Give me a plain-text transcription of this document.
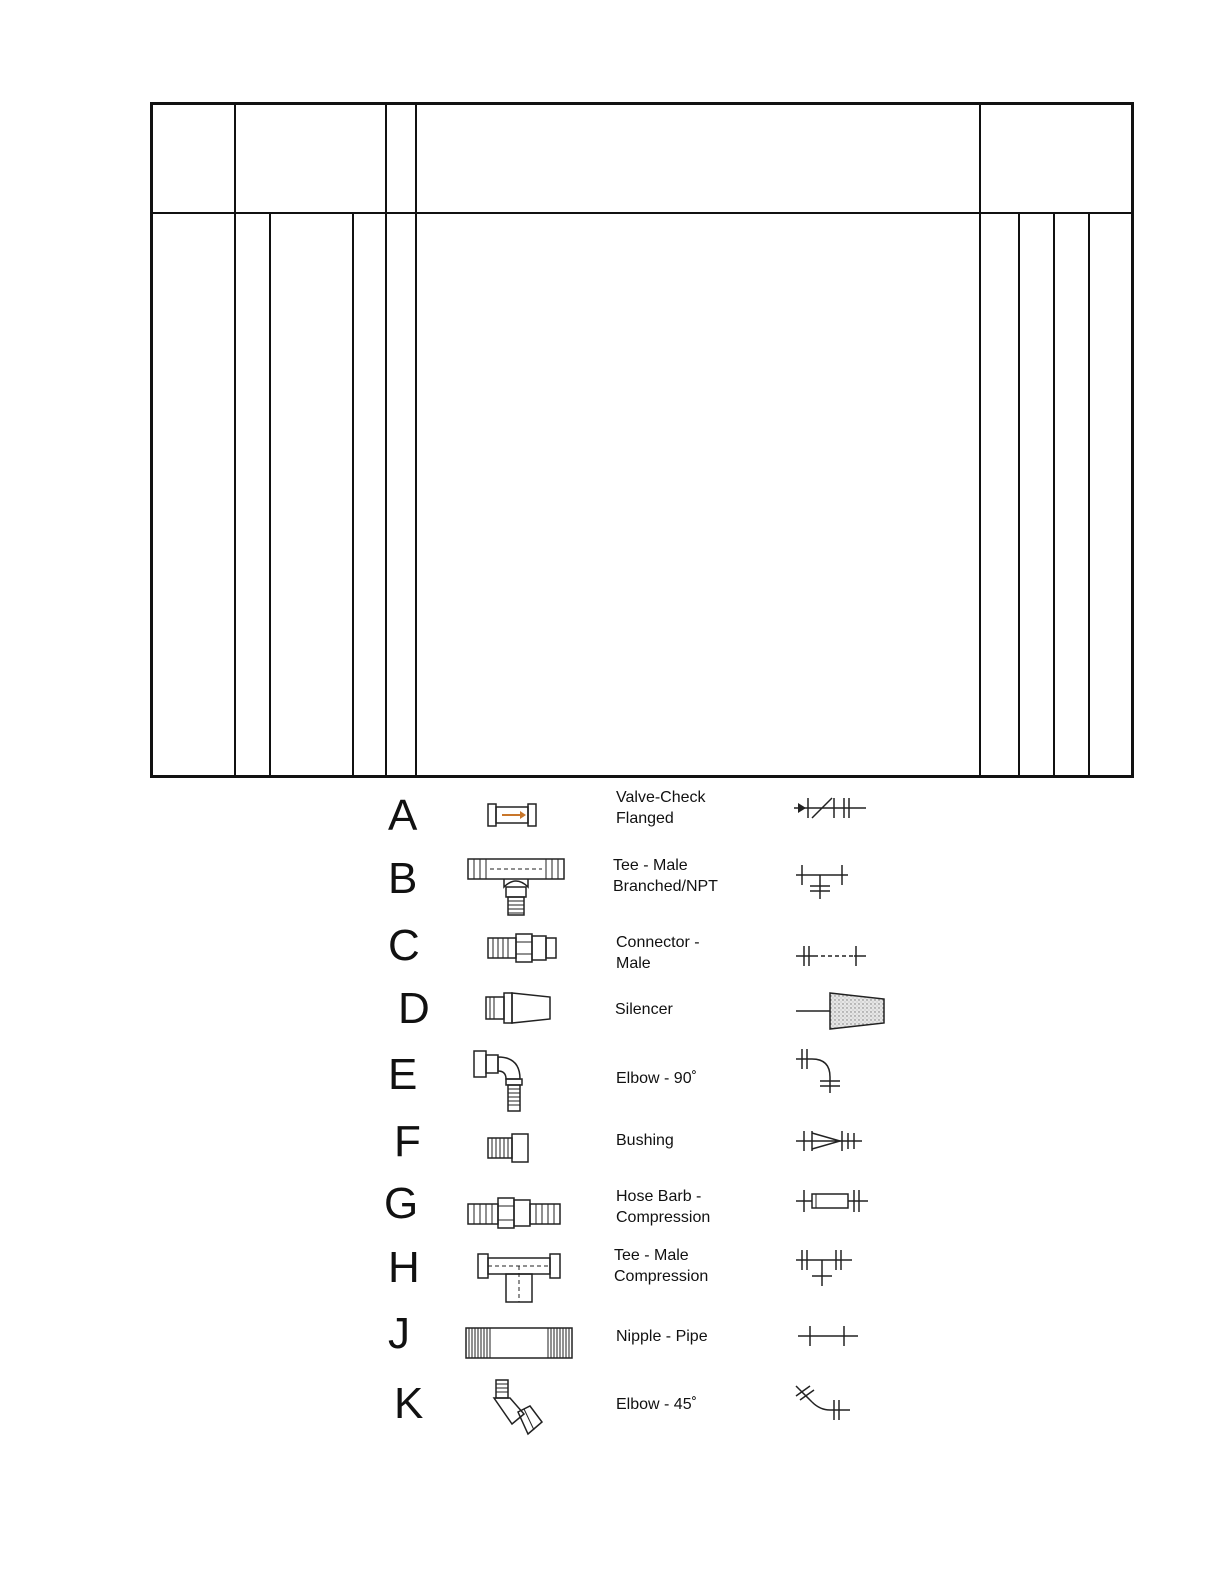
A	Valve-Check
Flanged
B	Tee - Male
Branched/NPT
C	Connector -
Male
D	Silencer
E	Elbow - 90˚
F	Bushing
G	Hose Barb -
Compression
H	Tee - Male
Compression
J	Nipple - Pipe
K	Elbow - 45˚
